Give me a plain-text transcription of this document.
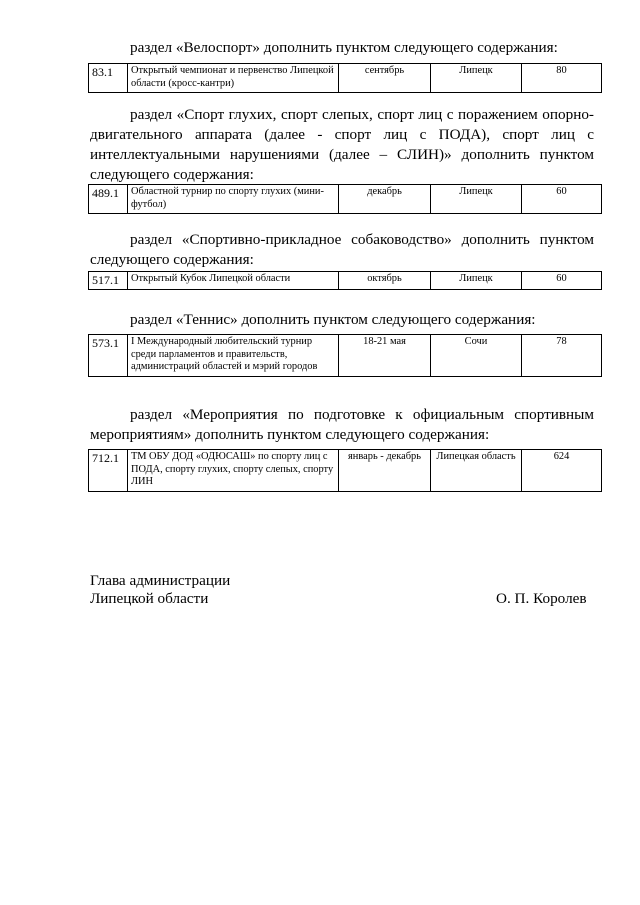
раздел «Велоспорт» дополнить пунктом следующего содержания:

83.1	Открытый чемпионат и первенство Липецкой области (кросс-кантри)	сентябрь	Липецк	80

раздел «Спорт глухих, спорт слепых, спорт лиц с поражением опорно-двигательного аппарата (далее - спорт лиц с ПОДА), спорт лиц с интеллектуальными нарушениями (далее – СЛИН)» дополнить пунктом следующего содержания:

489.1	Областной турнир по спорту глухих (мини-футбол)	декабрь	Липецк	60

раздел «Спортивно-прикладное собаководство» дополнить пунктом следующего содержания:

517.1	Открытый Кубок Липецкой области	октябрь	Липецк	60

раздел «Теннис» дополнить пунктом следующего содержания:

573.1	I Международный любительский турнир среди парламентов и правительств, администраций областей и мэрий городов	18-21 мая	Сочи	78

раздел «Мероприятия по подготовке к официальным спортивным мероприятиям» дополнить пунктом следующего содержания:

712.1	ТМ ОБУ ДОД «ОДЮСАШ» по спорту лиц с ПОДА, спорту глухих, спорту слепых, спорту ЛИН	январь - декабрь	Липецкая область	624

Глава администрации

Липецкой области	О. П. Королев
